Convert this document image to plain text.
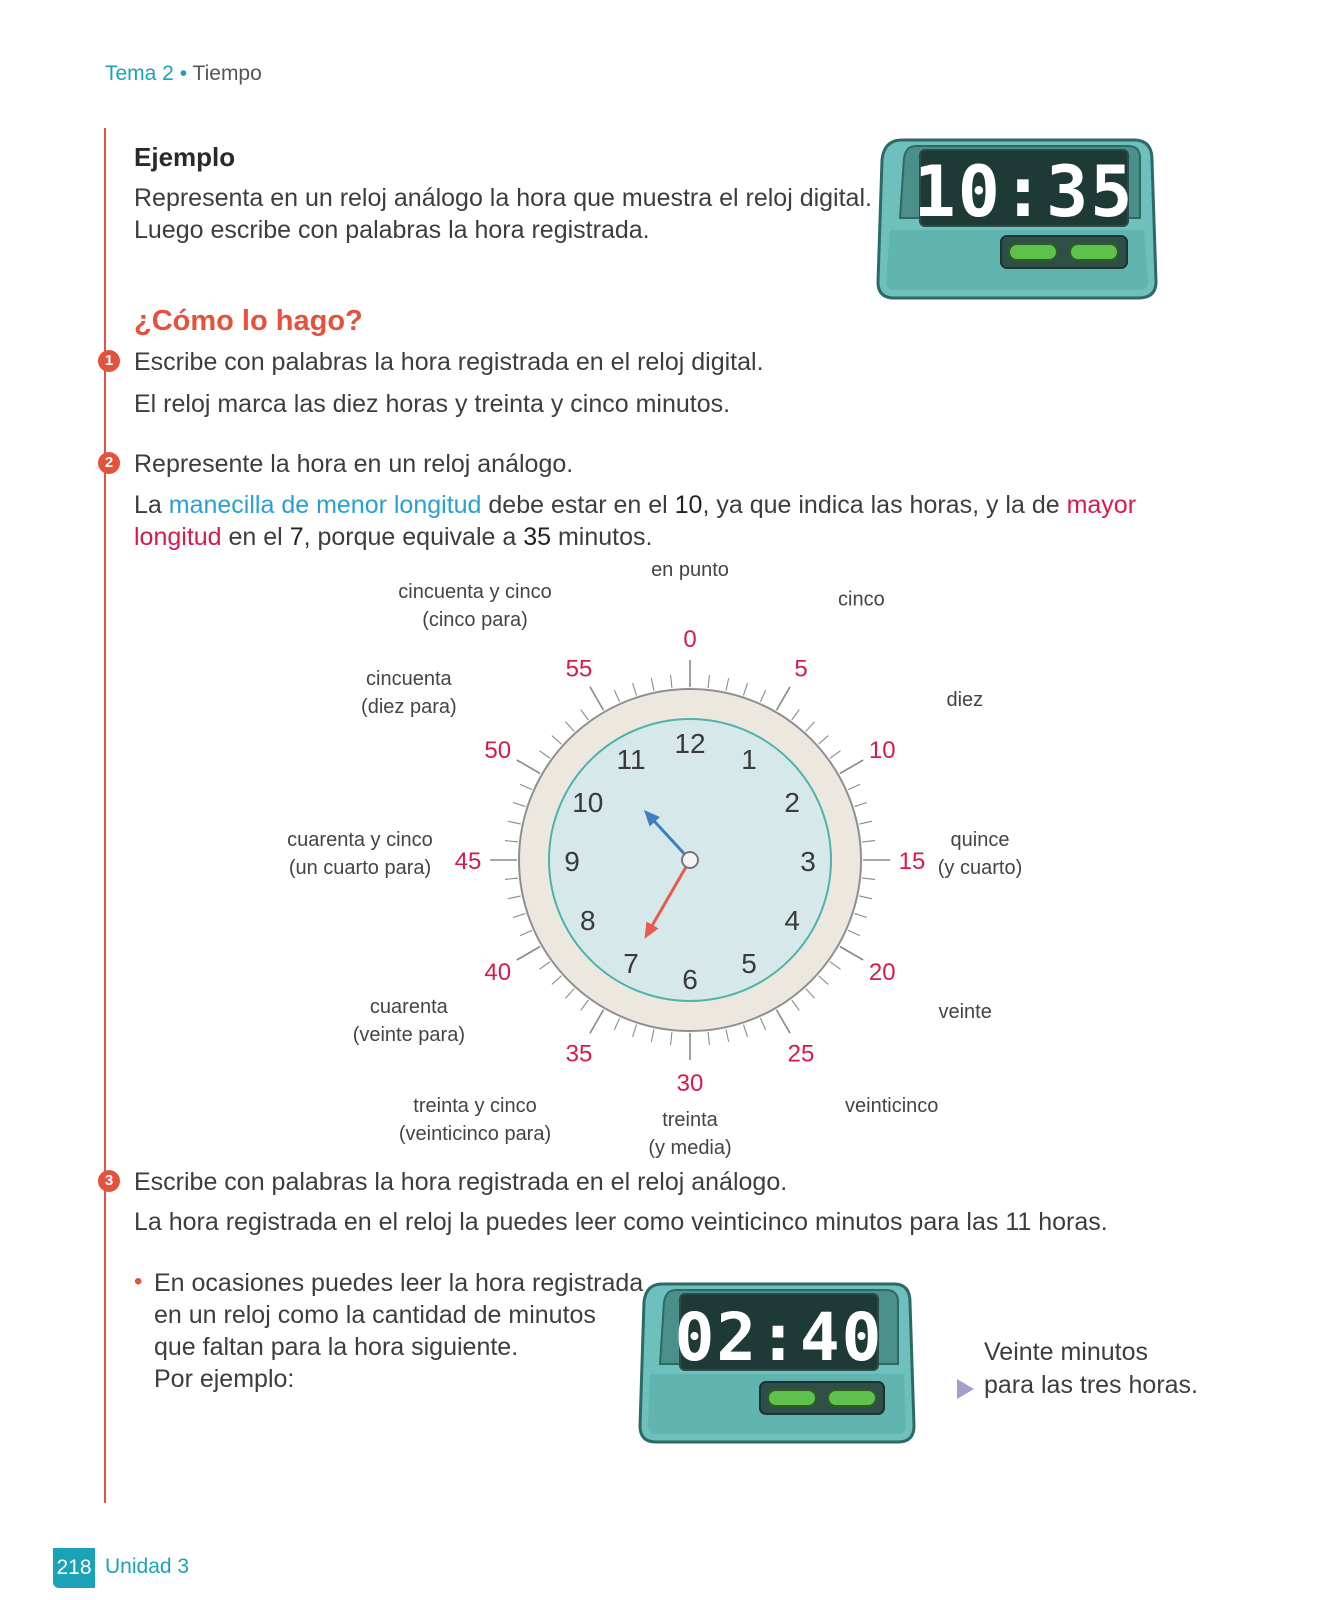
Tema 2 • Tiempo
Ejemplo
Representa en un reloj análogo la hora que muestra el reloj digital.
Luego escribe con palabras la hora registrada.	10:35
¿Cómo lo hago?
1 Escribe con palabras la hora registrada en el reloj digital.
El reloj marca las diez horas y treinta y cinco minutos.
2 Represente la hora en un reloj análogo.
La manecilla de menor longitud debe estar en el 10, ya que indica las horas, y la de mayor
longitud en el 7, porque equivale a 35 minutos.
12
1
2
3
4
5
6
7
8
9
10
11
0
5
10
15
20
25
30
35
40
45
50
55
en punto
cinco
diez
quince
(y cuarto)
veinte
veinticinco
treinta
(y media)
treinta y cinco
(veinticinco para)
cuarenta
(veinte para)
cuarenta y cinco
(un cuarto para)
cincuenta
(diez para)
cincuenta y cinco
(cinco para)
3 Escribe con palabras la hora registrada en el reloj análogo.
La hora registrada en el reloj la puedes leer como veinticinco minutos para las 11 horas.
• En ocasiones puedes leer la hora registrada
en un reloj como la cantidad de minutos
que faltan para la hora siguiente.
Por ejemplo:
02:40	Veinte minutos
para las tres horas.
218 Unidad 3
